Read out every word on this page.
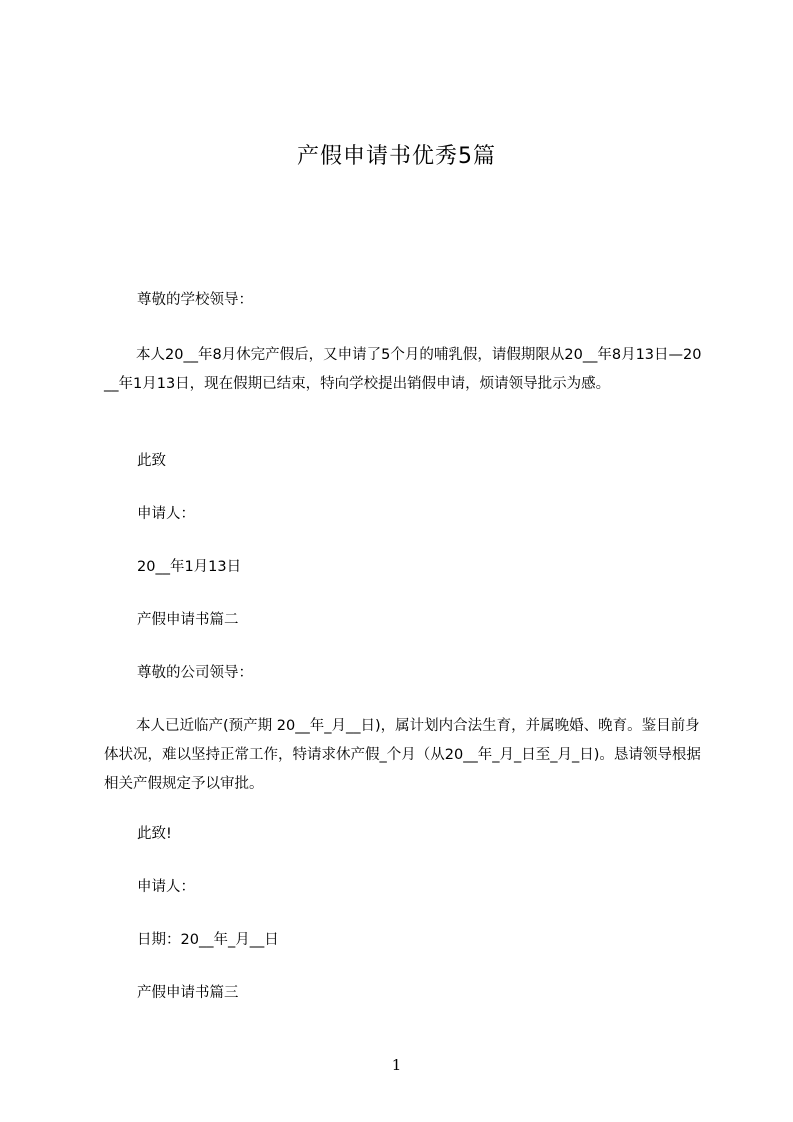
产假申请书优秀5篇
尊敬的学校领导：
本人20__年8月休完产假后，又申请了5个月的哺乳假，请假期限从20__年8月13日—20__年1月13日，现在假期已结束，特向学校提出销假申请，烦请领导批示为感。
此致
申请人：
20__年1月13日
产假申请书篇二
尊敬的公司领导：
本人已近临产(预产期 20__年_月__日)，属计划内合法生育，并属晚婚、晚育。鉴目前身体状况，难以坚持正常工作，特请求休产假_个月（从20__年_月_日至_月_日)。恳请领导根据相关产假规定予以审批。
此致!
申请人：
日期：20__年_月__日
产假申请书篇三
1
